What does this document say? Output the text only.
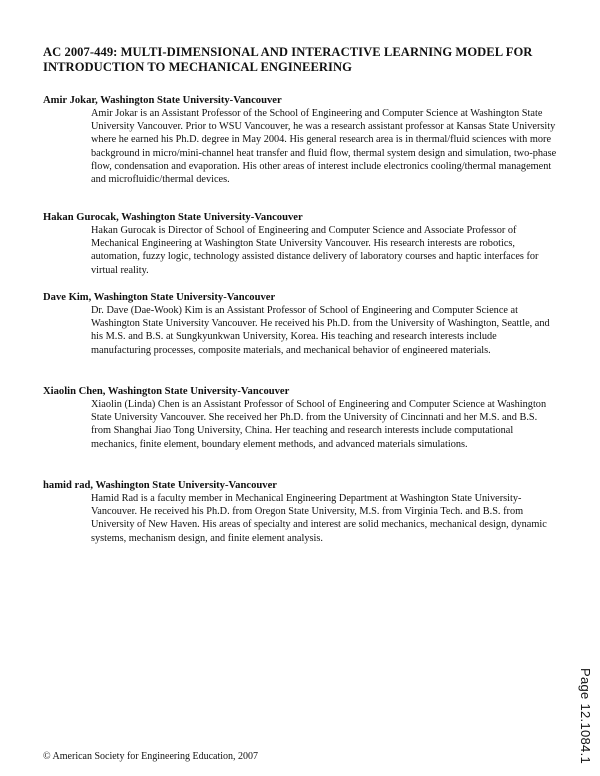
AC 2007-449: MULTI-DIMENSIONAL AND INTERACTIVE LEARNING MODEL FOR INTRODUCTION TO MECHANICAL ENGINEERING
Amir Jokar, Washington State University-Vancouver
Amir Jokar is an Assistant Professor of the School of Engineering and Computer Science at Washington State University Vancouver. Prior to WSU Vancouver, he was a research assistant professor at Kansas State University where he earned his Ph.D. degree in May 2004. His general research area is in thermal/fluid sciences with more background in micro/mini-channel heat transfer and fluid flow, thermal system design and simulation, two-phase flow, condensation and evaporation. His other areas of interest include electronics cooling/thermal management and microfluidic/thermal devices.
Hakan Gurocak, Washington State University-Vancouver
Hakan Gurocak is Director of School of Engineering and Computer Science and Associate Professor of Mechanical Engineering at Washington State University Vancouver. His research interests are robotics, automation, fuzzy logic, technology assisted distance delivery of laboratory courses and haptic interfaces for virtual reality.
Dave Kim, Washington State University-Vancouver
Dr. Dave (Dae-Wook) Kim is an Assistant Professor of School of Engineering and Computer Science at Washington State University Vancouver. He received his Ph.D. from the University of Washington, Seattle, and his M.S. and B.S. at Sungkyunkwan University, Korea. His teaching and research interests include manufacturing processes, composite materials, and mechanical behavior of engineered materials.
Xiaolin Chen, Washington State University-Vancouver
Xiaolin (Linda) Chen is an Assistant Professor of School of Engineering and Computer Science at Washington State University Vancouver. She received her Ph.D. from the University of Cincinnati and her M.S. and B.S. from Shanghai Jiao Tong University, China. Her teaching and research interests include computational mechanics, finite element, boundary element methods, and advanced materials simulations.
hamid rad, Washington State University-Vancouver
Hamid Rad is a faculty member in Mechanical Engineering Department at Washington State University-Vancouver. He received his Ph.D. from Oregon State University, M.S. from Virginia Tech. and B.S. from University of New Haven. His areas of specialty and interest are solid mechanics, mechanical design, dynamic systems, mechanism design, and finite element analysis.
Page 12.1084.1
© American Society for Engineering Education, 2007
